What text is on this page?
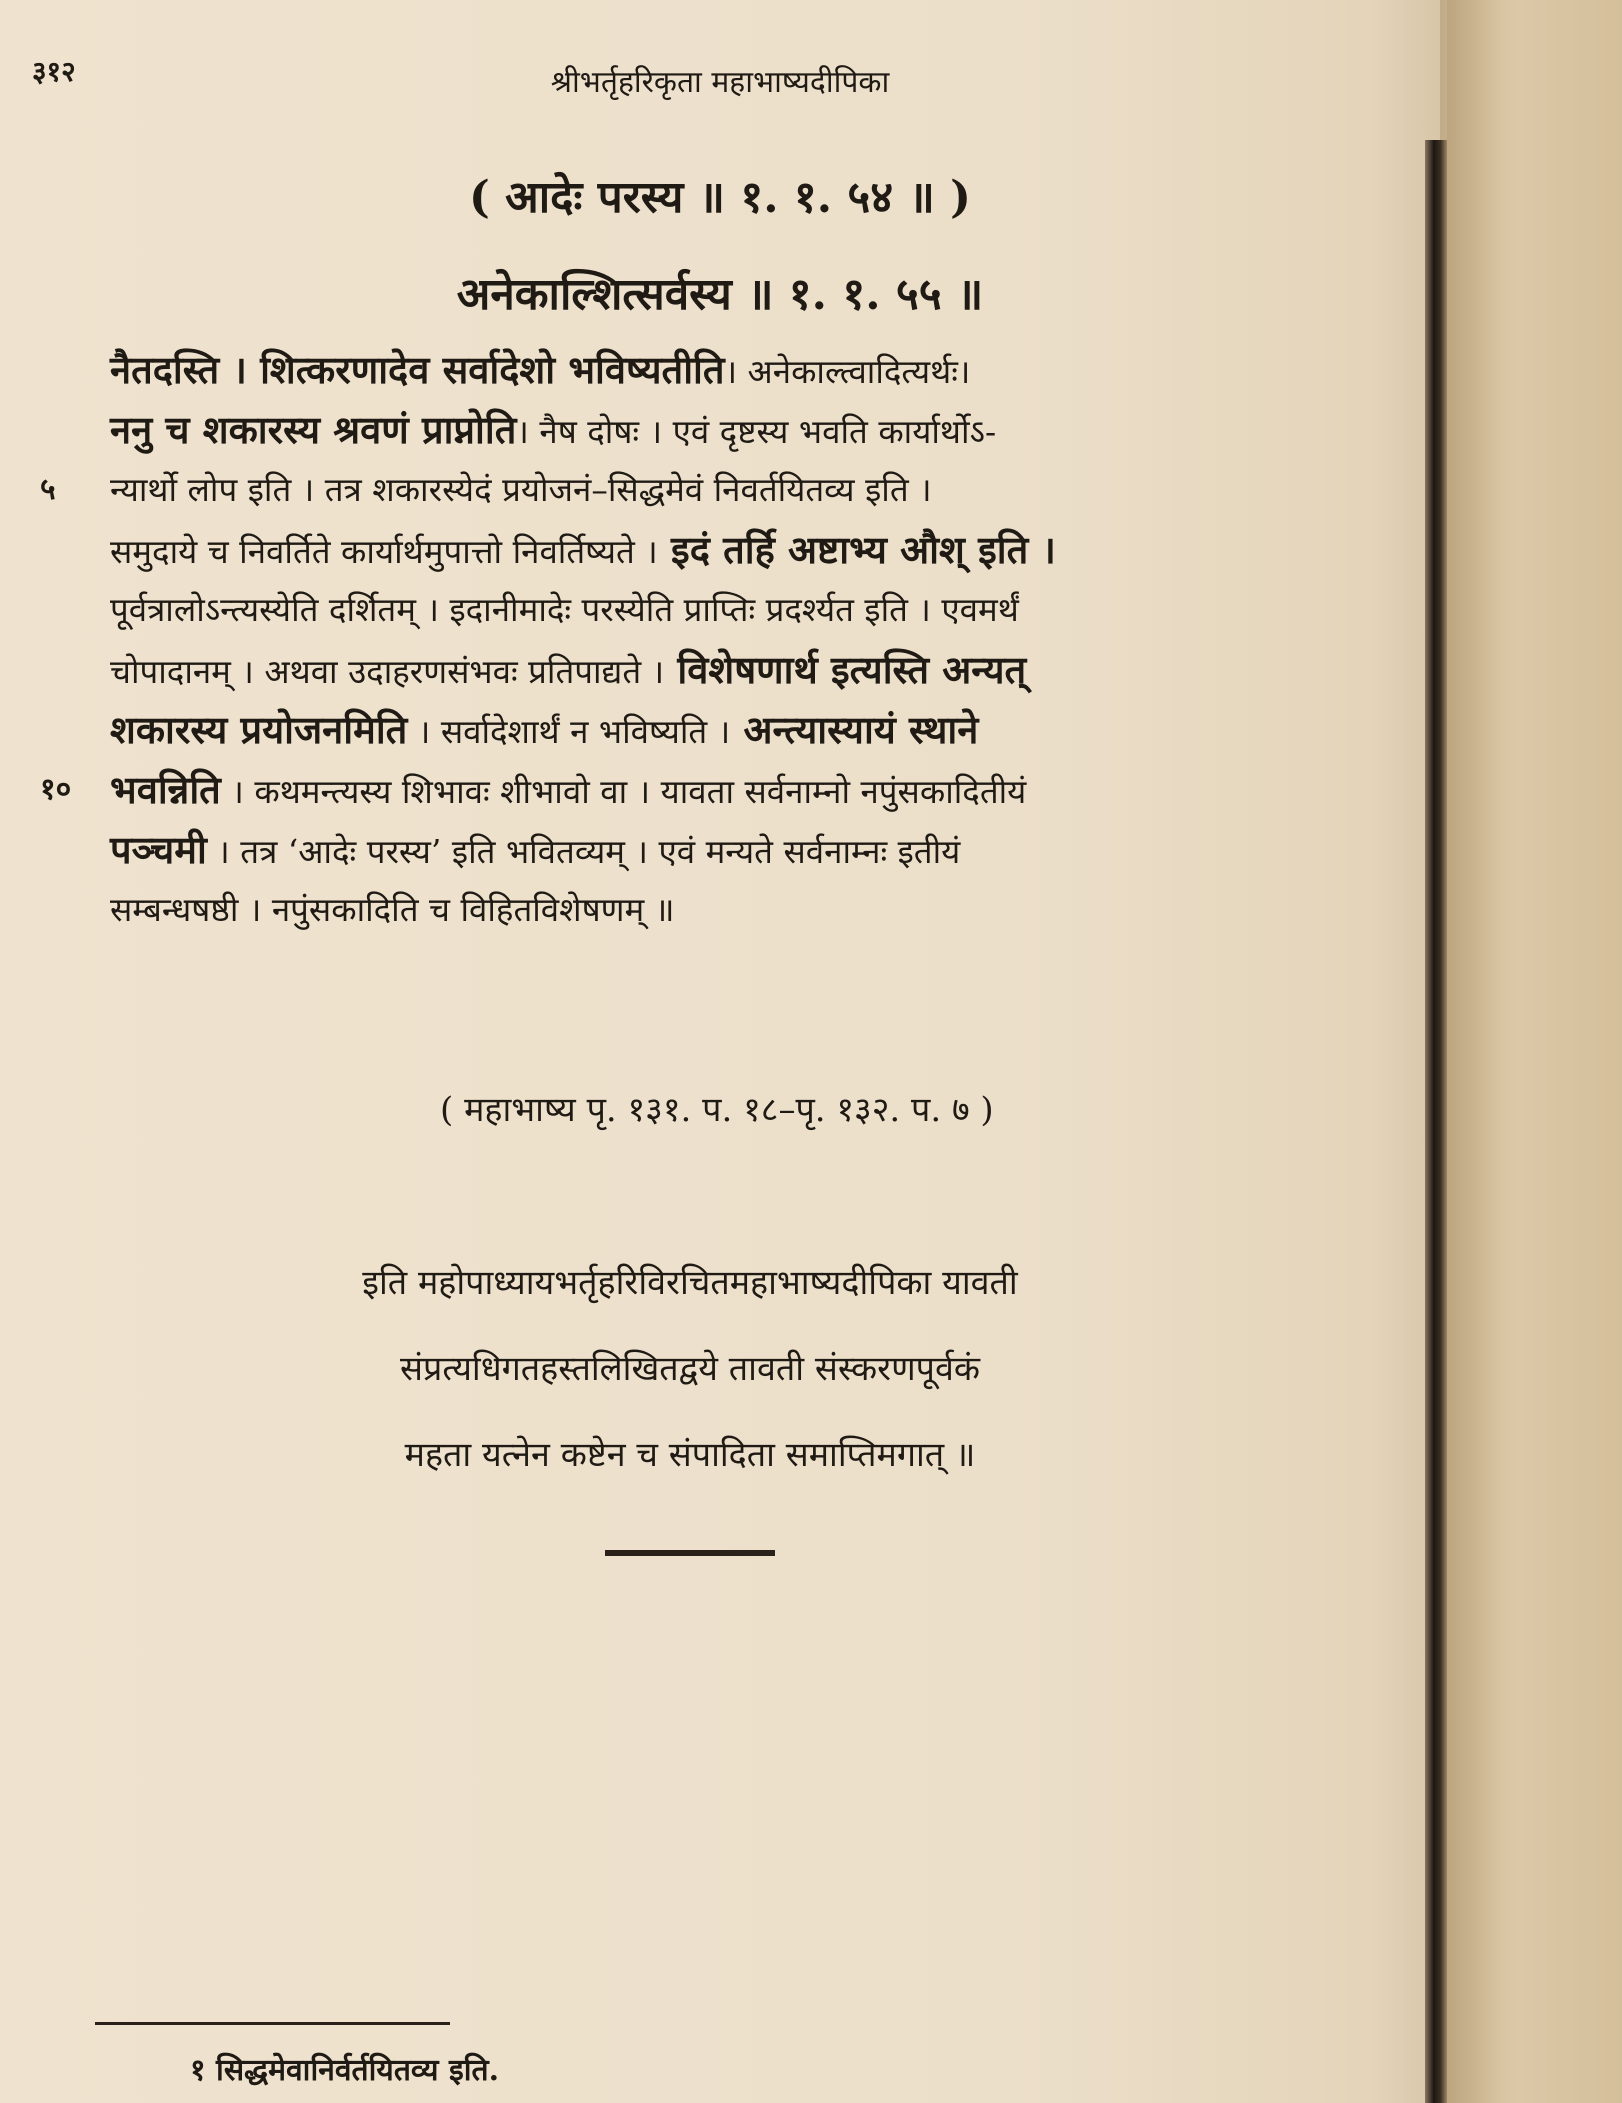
३१२	श्रीभर्तृहरिकृता महाभाष्यदीपिका
( आदेः परस्य ॥ १. १. ५४ ॥ )
अनेकाल्शित्सर्वस्य ॥ १. १. ५५ ॥
नैतदस्ति । शित्करणादेव सर्वादेशो भविष्यतीति। अनेकाल्त्वादित्यर्थः।
ननु च शकारस्य श्रवणं प्राप्नोति। नैष दोषः । एवं दृष्टस्य भवति कार्यार्थोऽ-
५ न्यार्थो लोप इति । तत्र शकारस्येदं प्रयोजनं–सिद्धमेवं निवर्तयितव्य इति ।
समुदाये च निवर्तिते कार्यार्थमुपात्तो निवर्तिष्यते । इदं तर्हि अष्टाभ्य औश् इति ।
पूर्वत्रालोऽन्त्यस्येति दर्शितम् । इदानीमादेः परस्येति प्राप्तिः प्रदर्श्यत इति । एवमर्थं
चोपादानम् । अथवा उदाहरणसंभवः प्रतिपाद्यते । विशेषणार्थ इत्यस्ति अन्यत्
शकारस्य प्रयोजनमिति । सर्वादेशार्थं न भविष्यति । अन्त्यास्यायं स्थाने
१० भवन्निति । कथमन्त्यस्य शिभावः शीभावो वा । यावता सर्वनाम्नो नपुंसकादितीयं
पञ्चमी । तत्र ‘आदेः परस्य’ इति भवितव्यम् । एवं मन्यते सर्वनाम्नः इतीयं
सम्बन्धषष्ठी । नपुंसकादिति च विहितविशेषणम् ॥
( महाभाष्य पृ. १३१. प. १८–पृ. १३२. प. ७ )
इति महोपाध्यायभर्तृहरिविरचितमहाभाष्यदीपिका यावती
संप्रत्यधिगतहस्तलिखितद्वये तावती संस्करणपूर्वकं
महता यत्नेन कष्टेन च संपादिता समाप्तिमगात् ॥
१ सिद्धमेवानिर्वर्तयितव्य इति.
